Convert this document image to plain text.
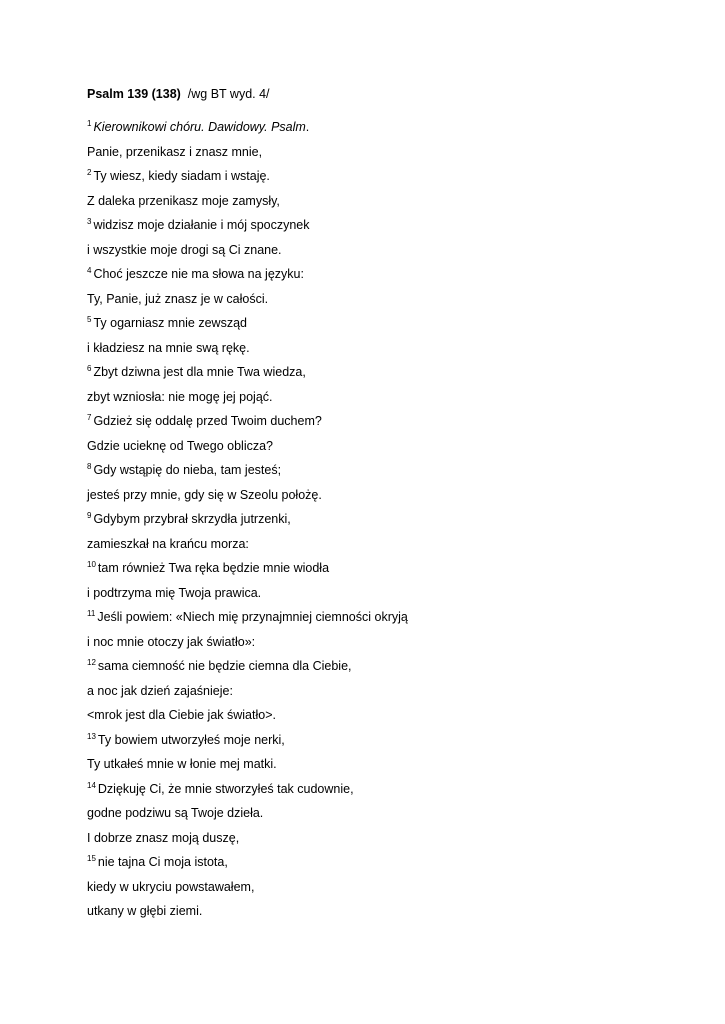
Psalm 139 (138) /wg BT wyd. 4/
$^1$ Kierownikowi chóru. Dawidowy. Psalm.
Panie, przenikasz i znasz mnie,
$^2$ Ty wiesz, kiedy siadam i wstaję.
Z daleka przenikasz moje zamysły,
$^3$ widzisz moje działanie i mój spoczynek
i wszystkie moje drogi są Ci znane.
$^4$ Choć jeszcze nie ma słowa na języku:
Ty, Panie, już znasz je w całości.
$^5$ Ty ogarniasz mnie zewsząd
i kładziesz na mnie swą rękę.
$^6$ Zbyt dziwna jest dla mnie Twa wiedza,
zbyt wzniosła: nie mogę jej pojąć.
$^7$ Gdzież się oddalę przed Twoim duchem?
Gdzie ucieknę od Twego oblicza?
$^8$ Gdy wstąpię do nieba, tam jesteś;
jesteś przy mnie, gdy się w Szeolu położę.
$^9$ Gdybym przybrał skrzydła jutrzenki,
zamieszkał na krańcu morza:
$^{10}$ tam również Twa ręka będzie mnie wiodła
i podtrzyma mię Twoja prawica.
$^{11}$ Jeśli powiem: «Niech mię przynajmniej ciemności okryją
i noc mnie otoczy jak światło»:
$^{12}$ sama ciemność nie będzie ciemna dla Ciebie,
a noc jak dzień zajaśnieje:
<mrok jest dla Ciebie jak światło>.
$^{13}$ Ty bowiem utworzyłeś moje nerki,
Ty utkałeś mnie w łonie mej matki.
$^{14}$ Dziękuję Ci, że mnie stworzyłeś tak cudownie,
godne podziwu są Twoje dzieła.
I dobrze znasz moją duszę,
$^{15}$ nie tajna Ci moja istota,
kiedy w ukryciu powstawałem,
utkany w głębi ziemi.
